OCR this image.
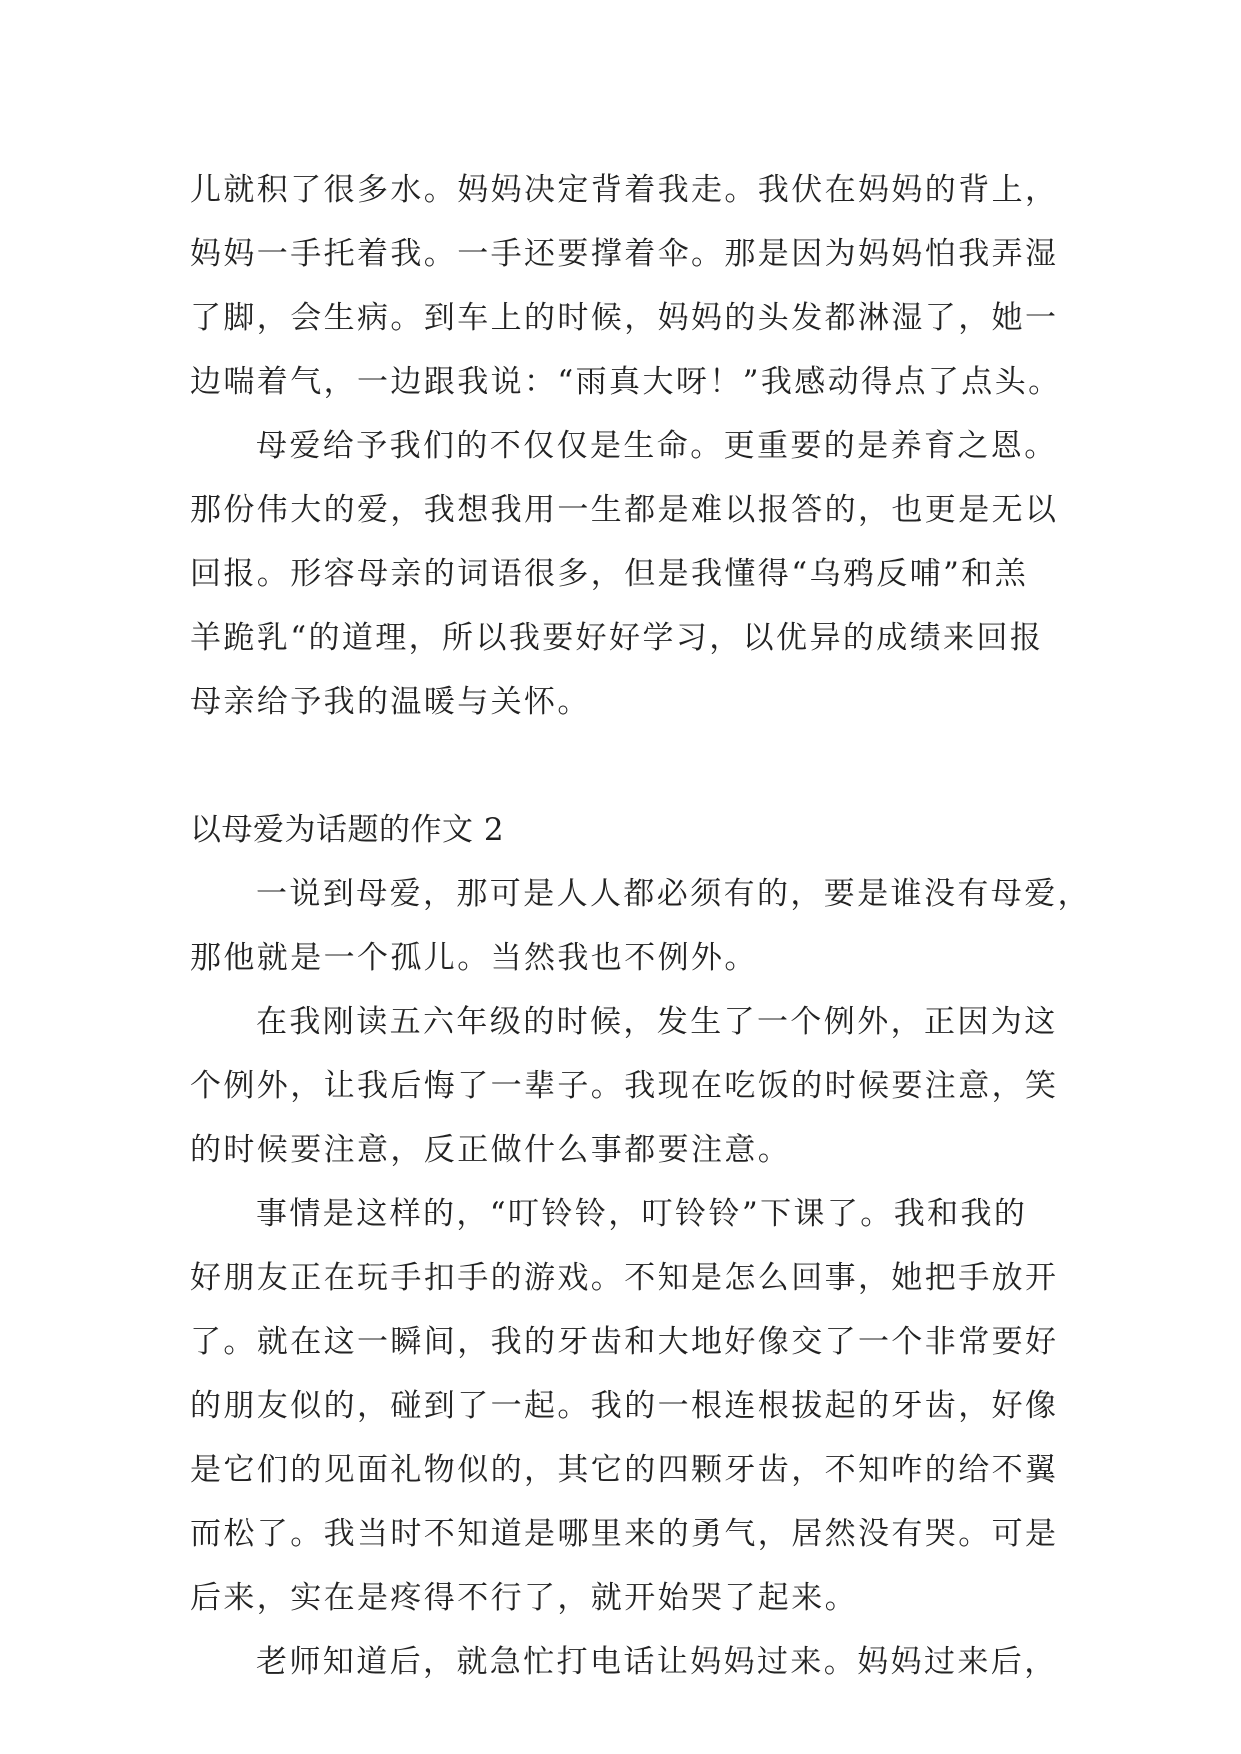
儿就积了很多水。妈妈决定背着我走。我伏在妈妈的背上，
妈妈一手托着我。一手还要撑着伞。那是因为妈妈怕我弄湿
了脚，会生病。到车上的时候，妈妈的头发都淋湿了，她一
边喘着气，一边跟我说：“雨真大呀！”我感动得点了点头。
母爱给予我们的不仅仅是生命。更重要的是养育之恩。
那份伟大的爱，我想我用一生都是难以报答的，也更是无以
回报。形容母亲的词语很多，但是我懂得“乌鸦反哺”和羔
羊跪乳“的道理，所以我要好好学习，以优异的成绩来回报
母亲给予我的温暖与关怀。
以母爱为话题的作文 2
一说到母爱，那可是人人都必须有的，要是谁没有母爱，
那他就是一个孤儿。当然我也不例外。
在我刚读五六年级的时候，发生了一个例外，正因为这
个例外，让我后悔了一辈子。我现在吃饭的时候要注意，笑
的时候要注意，反正做什么事都要注意。
事情是这样的，“叮铃铃，叮铃铃”下课了。我和我的
好朋友正在玩手扣手的游戏。不知是怎么回事，她把手放开
了。就在这一瞬间，我的牙齿和大地好像交了一个非常要好
的朋友似的，碰到了一起。我的一根连根拔起的牙齿，好像
是它们的见面礼物似的，其它的四颗牙齿，不知咋的给不翼
而松了。我当时不知道是哪里来的勇气，居然没有哭。可是
后来，实在是疼得不行了，就开始哭了起来。
老师知道后，就急忙打电话让妈妈过来。妈妈过来后，
